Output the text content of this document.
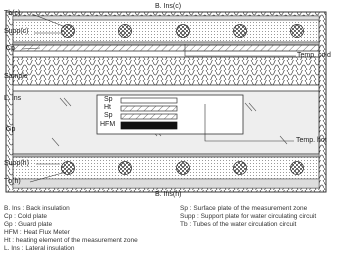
B. Ins(c)
Tb(c)
Supp(c)
Cp
Sample
L. Ins
Gp
Supp(h)
Tb(h)
B. Ins(h)
Temp. cold
Temp. hot
Sp
Ht
Sp
HFM
B. Ins : Back insulation
Cp : Cold plate
Gp : Guard plate
HFM : Heat Flux Meter
Ht : heating element of the measurement zone
L. Ins : Lateral insulation
Sp : Surface plate of the measurement zone
Supp : Support plate for water circulating circuit
Tb : Tubes of the water circulation circuit
